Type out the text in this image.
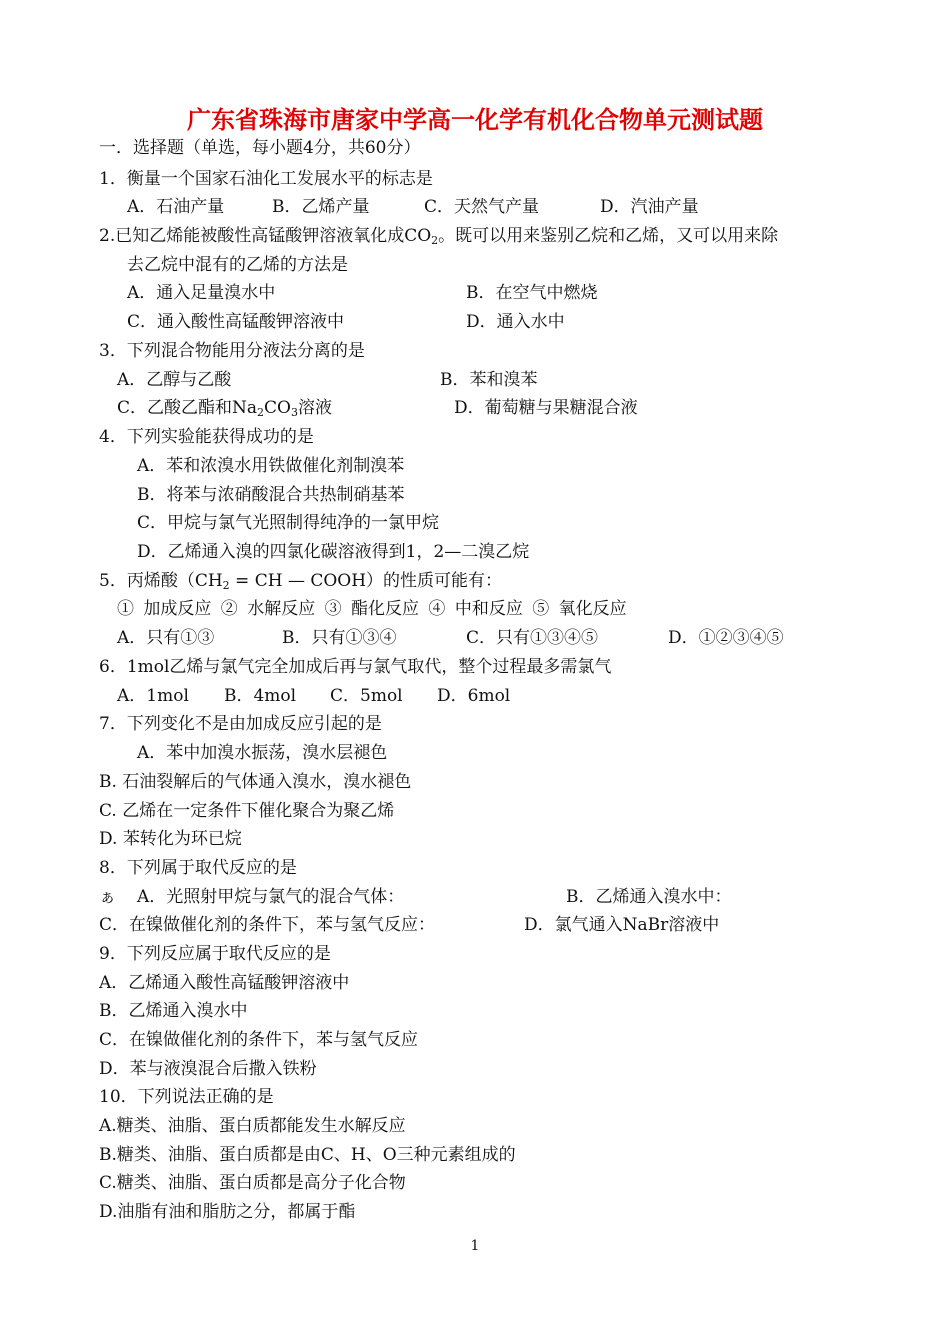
广东省珠海市唐家中学高一化学有机化合物单元测试题
一．选择题（单选，每小题4分，共60分）
1．衡量一个国家石油化工发展水平的标志是
A．石油产量	B．乙烯产量	C．天然气产量	D．汽油产量
2.已知乙烯能被酸性高锰酸钾溶液氧化成$CO_2$。既可以用来鉴别乙烷和乙烯，又可以用来除
去乙烷中混有的乙烯的方法是
A．通入足量溴水中	B．在空气中燃烧
C．通入酸性高锰酸钾溶液中	D．通入水中
3．下列混合物能用分液法分离的是
A．乙醇与乙酸	B．苯和溴苯
C．乙酸乙酯和$Na_2CO_3$溶液	D．葡萄糖与果糖混合液
4．下列实验能获得成功的是
A．苯和浓溴水用铁做催化剂制溴苯
B．将苯与浓硝酸混合共热制硝基苯
C．甲烷与氯气光照制得纯净的一氯甲烷
D．乙烯通入溴的四氯化碳溶液得到1，2—二溴乙烷
5．丙烯酸（$CH_2$ = CH — COOH）的性质可能有：
① 加成反应 ② 水解反应 ③ 酯化反应 ④ 中和反应 ⑤ 氧化反应
A．只有①③	B．只有①③④	C．只有①③④⑤	D．①②③④⑤
6．1mol乙烯与氯气完全加成后再与氯气取代，整个过程最多需氯气
A．1mol B．4mol C．5mol D．6mol
7．下列变化不是由加成反应引起的是
A．苯中加溴水振荡，溴水层褪色
B. 石油裂解后的气体通入溴水，溴水褪色
C. 乙烯在一定条件下催化聚合为聚乙烯
D. 苯转化为环已烷
8．下列属于取代反应的是
ぁ A．光照射甲烷与氯气的混合气体：	B．乙烯通入溴水中：
C．在镍做催化剂的条件下，苯与氢气反应：	D．氯气通入NaBr溶液中
9．下列反应属于取代反应的是
A．乙烯通入酸性高锰酸钾溶液中
B．乙烯通入溴水中
C．在镍做催化剂的条件下，苯与氢气反应
D．苯与液溴混合后撒入铁粉
10．下列说法正确的是
A.糖类、油脂、蛋白质都能发生水解反应
B.糖类、油脂、蛋白质都是由C、H、O三种元素组成的
C.糖类、油脂、蛋白质都是高分子化合物
D.油脂有油和脂肪之分，都属于酯
1
